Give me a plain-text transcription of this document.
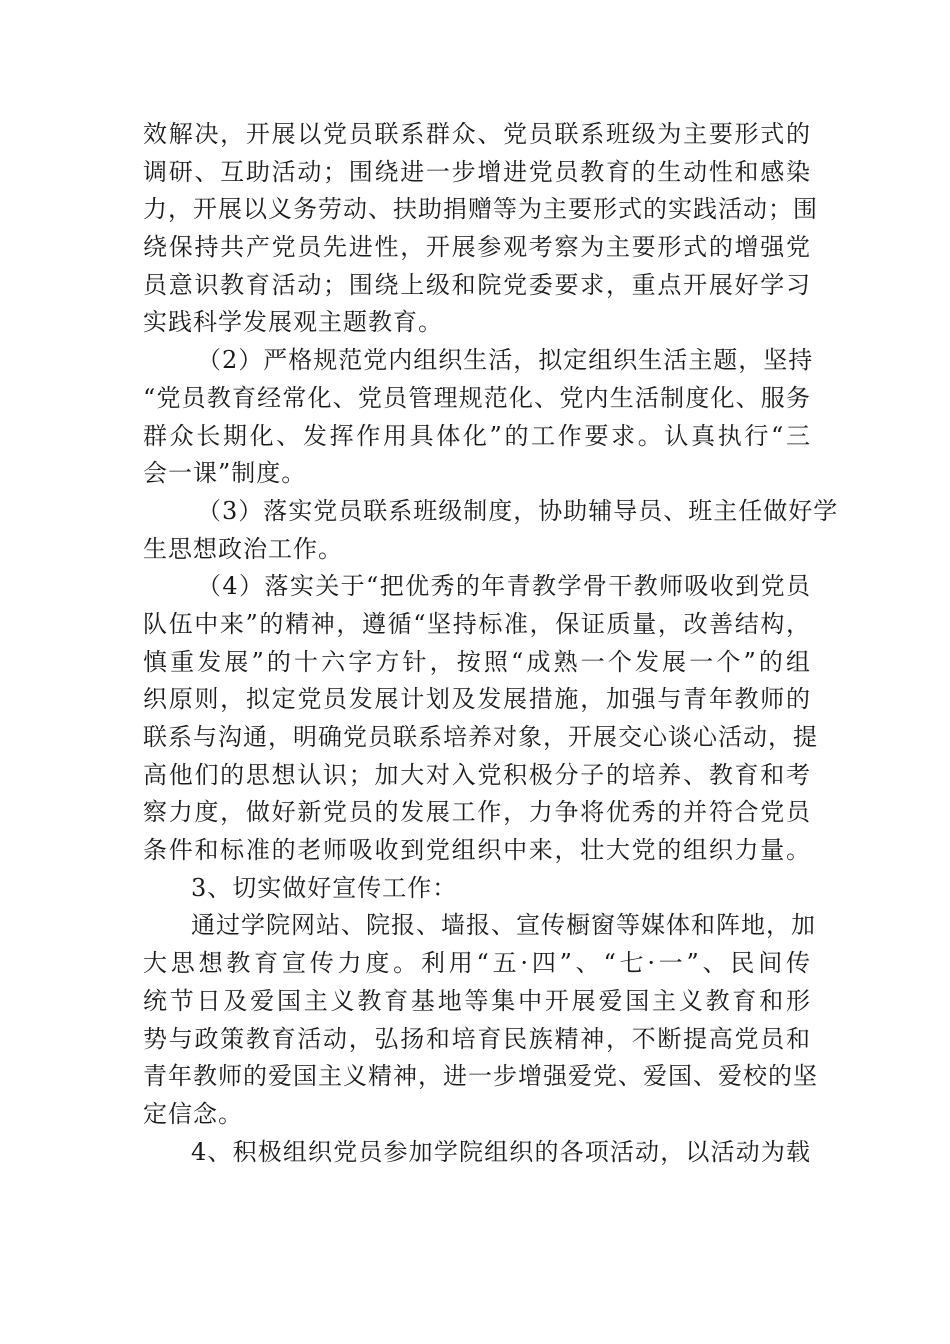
效解决，开展以党员联系群众、党员联系班级为主要形式的
调研、互助活动；围绕进一步增进党员教育的生动性和感染
力，开展以义务劳动、扶助捐赠等为主要形式的实践活动；围
绕保持共产党员先进性，开展参观考察为主要形式的增强党
员意识教育活动；围绕上级和院党委要求，重点开展好学习
实践科学发展观主题教育。
（2）严格规范党内组织生活，拟定组织生活主题，坚持
“党员教育经常化、党员管理规范化、党内生活制度化、服务
群众长期化、发挥作用具体化”的工作要求。认真执行“三
会一课”制度。
（3）落实党员联系班级制度，协助辅导员、班主任做好学
生思想政治工作。
（4）落实关于“把优秀的年青教学骨干教师吸收到党员
队伍中来”的精神，遵循“坚持标准，保证质量，改善结构，
慎重发展”的十六字方针，按照“成熟一个发展一个”的组
织原则，拟定党员发展计划及发展措施，加强与青年教师的
联系与沟通，明确党员联系培养对象，开展交心谈心活动，提
高他们的思想认识；加大对入党积极分子的培养、教育和考
察力度，做好新党员的发展工作，力争将优秀的并符合党员
条件和标准的老师吸收到党组织中来，壮大党的组织力量。
3、切实做好宣传工作：
通过学院网站、院报、墙报、宣传橱窗等媒体和阵地，加
大思想教育宣传力度。利用“五·四”、“七·一”、民间传
统节日及爱国主义教育基地等集中开展爱国主义教育和形
势与政策教育活动，弘扬和培育民族精神，不断提高党员和
青年教师的爱国主义精神，进一步增强爱党、爱国、爱校的坚
定信念。
4、积极组织党员参加学院组织的各项活动，以活动为载
